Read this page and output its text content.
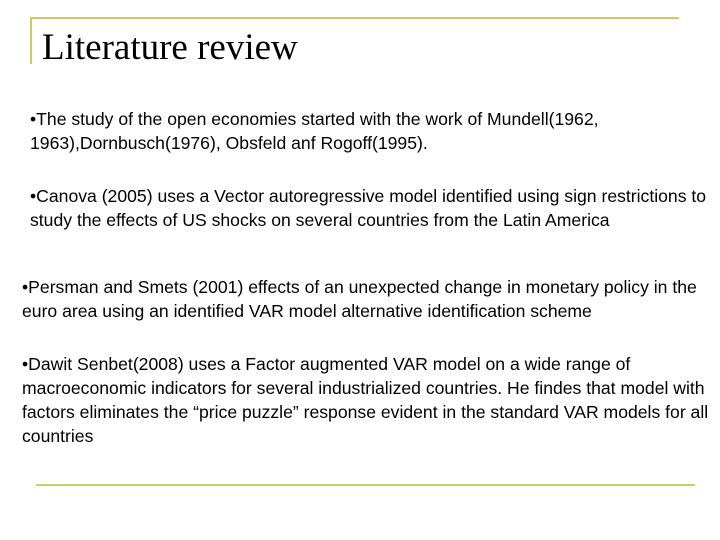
Literature review

•The study of the open economies started with the work of Mundell(1962, 1963),Dornbusch(1976), Obsfeld anf Rogoff(1995).

•Canova (2005) uses a Vector autoregressive model identified using sign restrictions to study the effects of US shocks on several countries from the Latin America

•Persman and Smets (2001) effects of an unexpected change in monetary policy in the euro area using an identified VAR model alternative identification scheme

•Dawit Senbet(2008) uses a Factor augmented VAR model on a wide range of macroeconomic indicators for several industrialized countries. He findes that model with factors eliminates the “price puzzle” response evident in the standard VAR models for all countries
